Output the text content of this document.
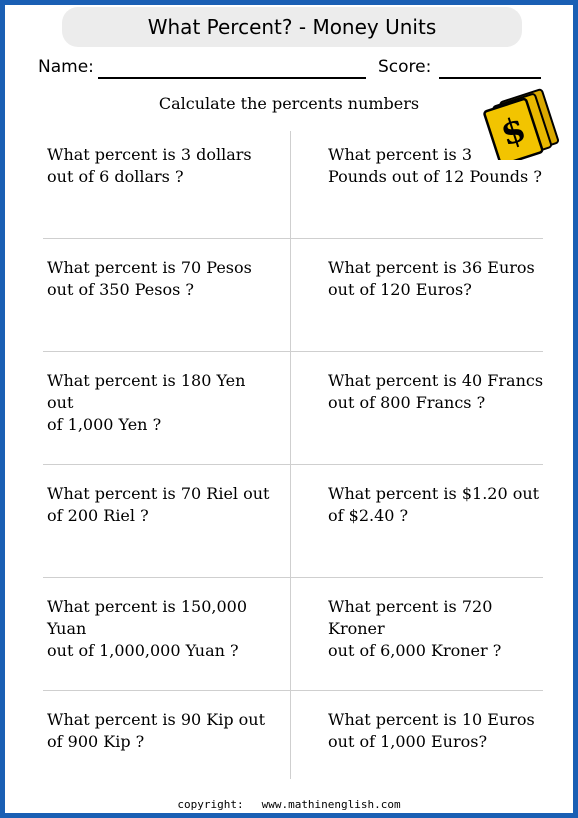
What Percent? - Money Units
Name:	Score:
Calculate the percents numbers
$
What percent is 3 dollars
out of 6 dollars ?
What percent is 3
Pounds out of 12 Pounds ?
What percent is 70 Pesos
out of 350 Pesos ?
What percent is 36 Euros
out of 120 Euros?
What percent is 180 Yen out
of 1,000 Yen ?
What percent is 40 Francs
out of 800 Francs ?
What percent is 70 Riel out
of 200 Riel ?
What percent is $1.20 out
of $2.40 ?
What percent is 150,000 Yuan
out of 1,000,000 Yuan ?
What percent is 720 Kroner
out of 6,000 Kroner ?
What percent is 90 Kip out
of 900 Kip ?
What percent is 10 Euros
out of 1,000 Euros?
copyright: www.mathinenglish.com
